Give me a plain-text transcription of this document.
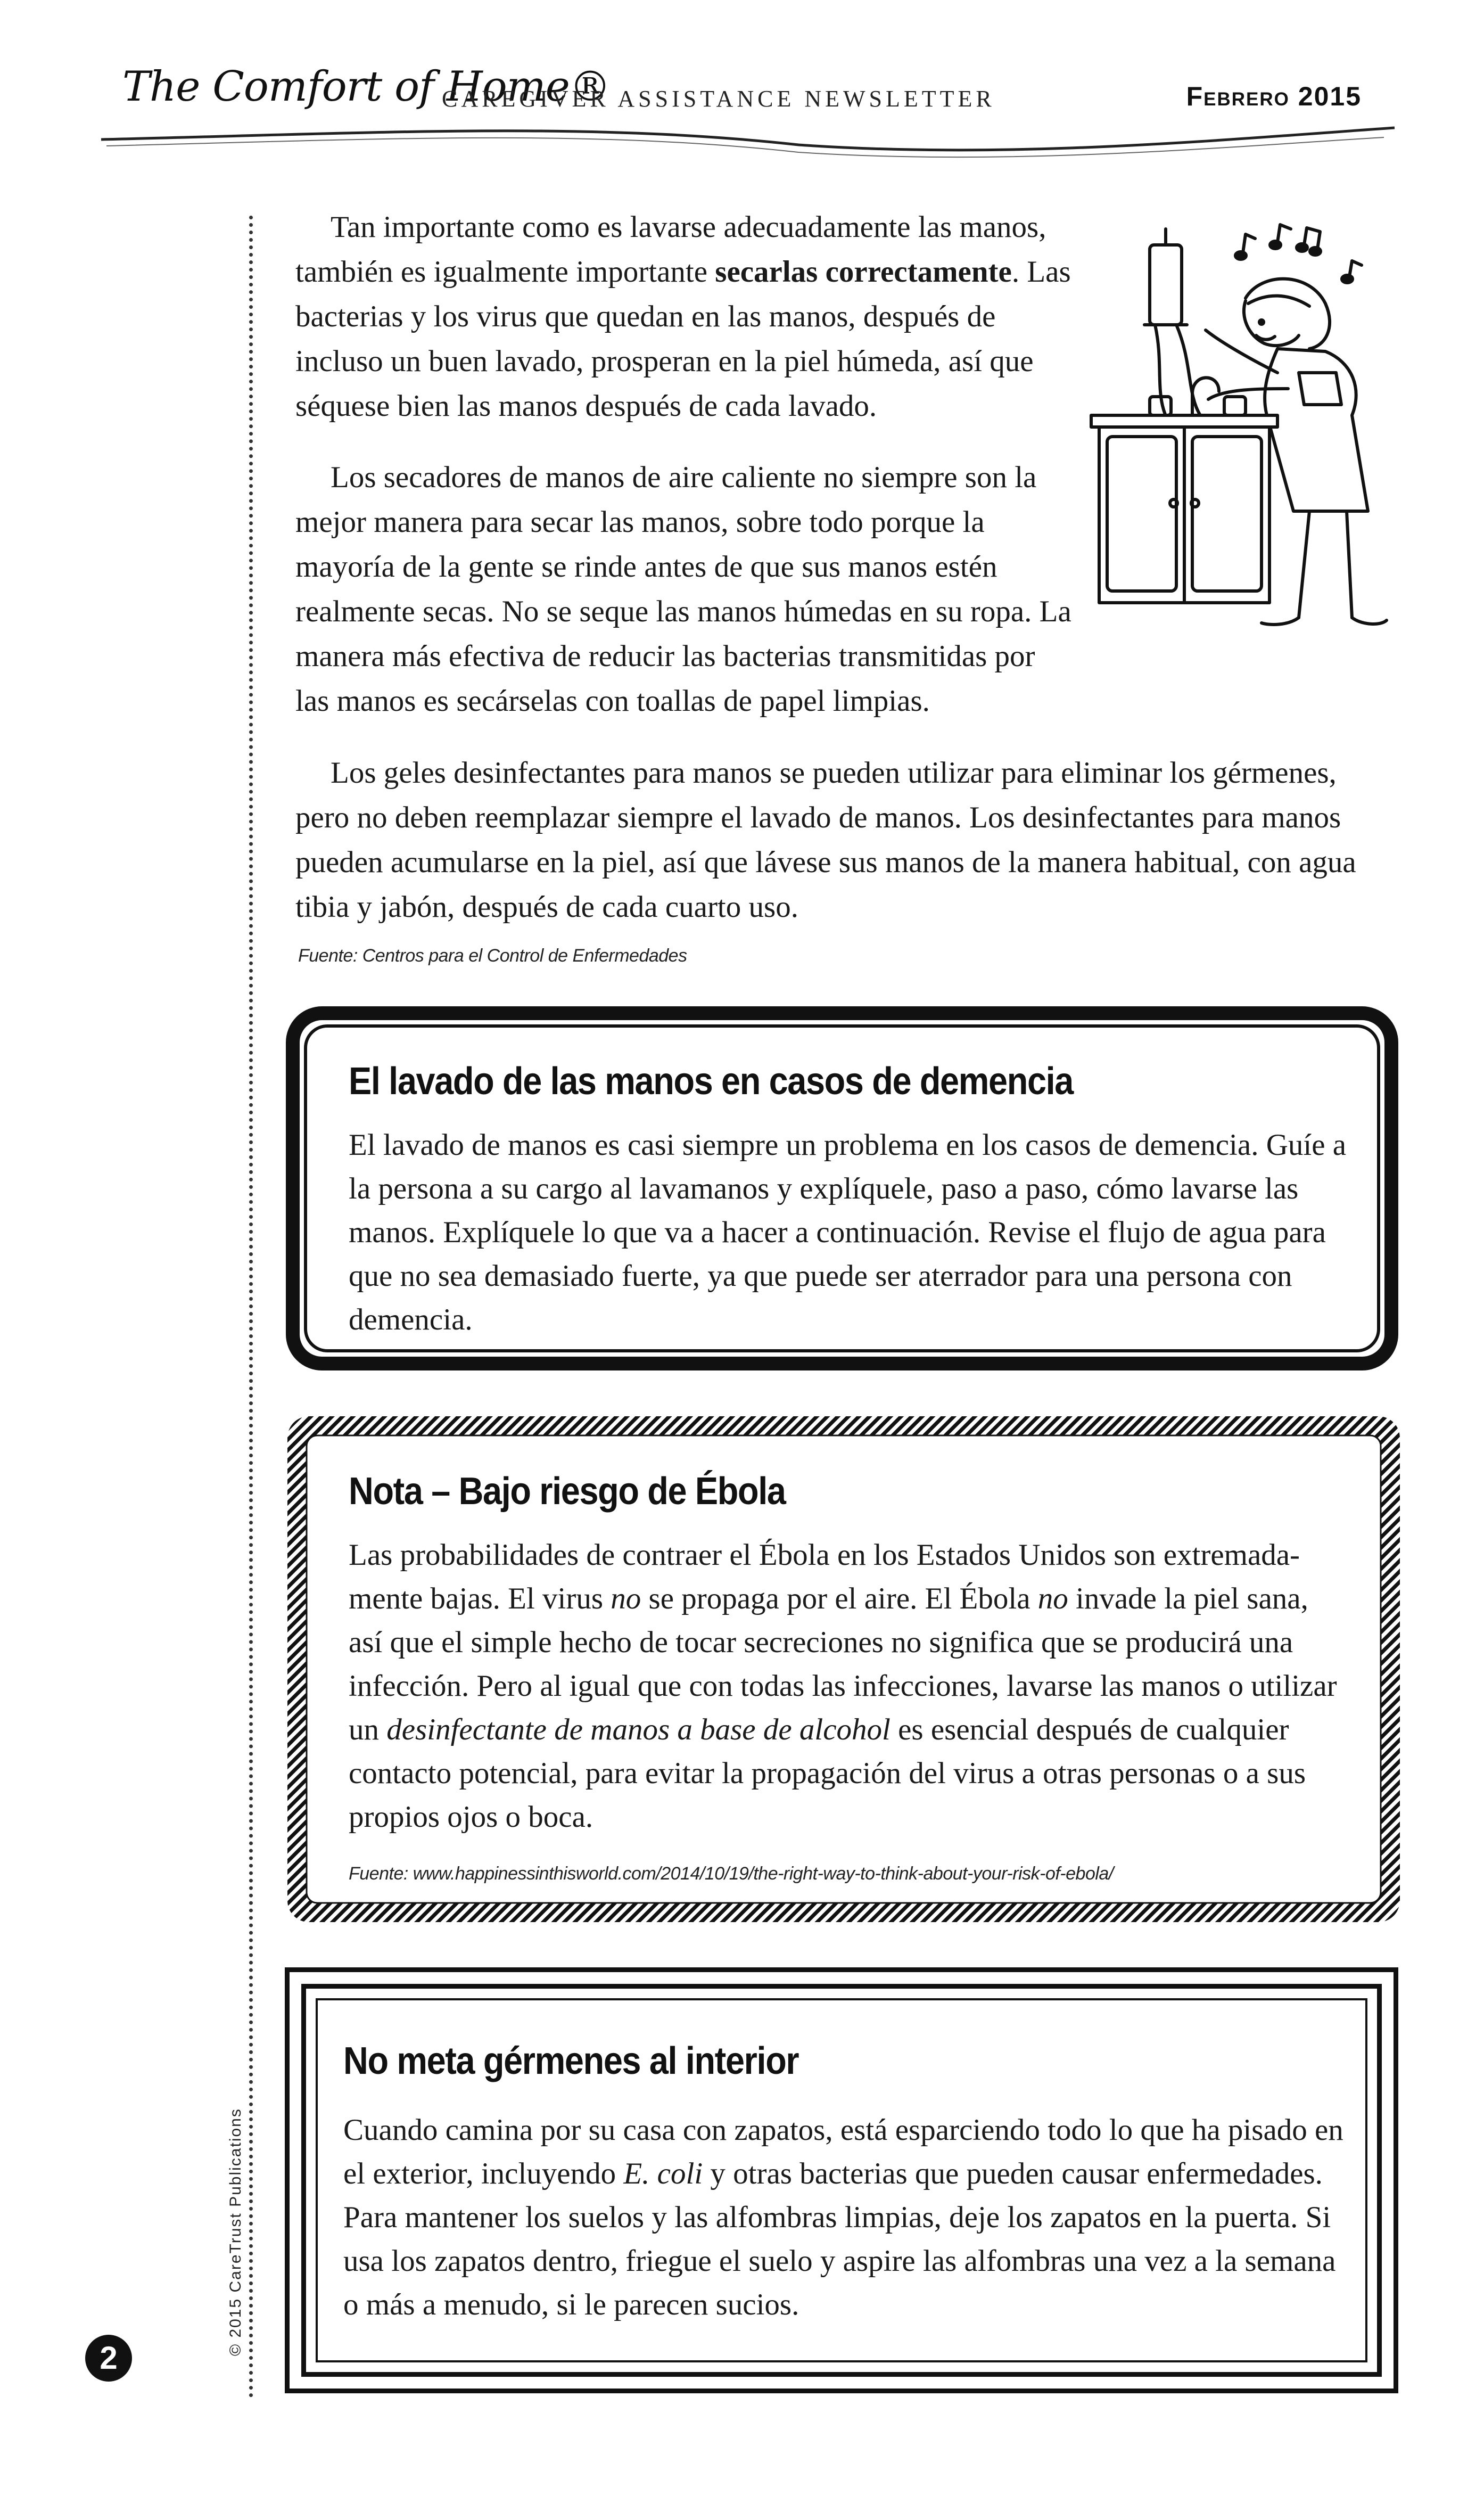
The Comfort of Home®
CAREGIVER ASSISTANCE NEWSLETTER	Febrero 2015
© 2015 CareTrust Publications
2

Tan importante como es lavarse adecuadamente las manos, también es igualmente importante secarlas correctamente. Las bacterias y los virus que quedan en las manos, después de incluso un buen lavado, prosperan en la piel húmeda, así que séquese bien las manos después de cada lavado.

Los secadores de manos de aire caliente no siempre son la mejor manera para secar las manos, sobre todo porque la mayoría de la gente se rinde antes de que sus manos estén realmente secas. No se seque las manos húmedas en su ropa. La manera más efectiva de reducir las bacterias transmitidas por las manos es secárselas con toallas de papel limpias.

Los geles desinfectantes para manos se pueden utilizar para eliminar los gérmenes, pero no deben reemplazar siempre el lavado de manos. Los desinfectantes para manos pueden acumularse en la piel, así que lávese sus manos de la manera habitual, con agua tibia y jabón, después de cada cuarto uso.

Fuente: Centros para el Control de Enfermedades
El lavado de las manos en casos de demencia

El lavado de manos es casi siempre un problema en los casos de demencia. Guíe a la persona a su cargo al lavamanos y explíquele, paso a paso, cómo lavarse las manos. Explíquele lo que va a hacer a continuación. Revise el flujo de agua para que no sea demasiado fuerte, ya que puede ser aterrador para una persona con demencia.

Nota – Bajo riesgo de Ébola

Las probabilidades de contraer el Ébola en los Estados Unidos son extremada-mente bajas. El virus no se propaga por el aire. El Ébola no invade la piel sana, así que el simple hecho de tocar secreciones no significa que se producirá una infección. Pero al igual que con todas las infecciones, lavarse las manos o utilizar un desinfectante de manos a base de alcohol es esencial después de cualquier contacto potencial, para evitar la propagación del virus a otras personas o a sus propios ojos o boca.

Fuente: www.happinessinthisworld.com/2014/10/19/the-right-way-to-think-about-your-risk-of-ebola/
No meta gérmenes al interior

Cuando camina por su casa con zapatos, está esparciendo todo lo que ha pisado en el exterior, incluyendo E. coli y otras bacterias que pueden causar enfermedades. Para mantener los suelos y las alfombras limpias, deje los zapatos en la puerta. Si usa los zapatos dentro, friegue el suelo y aspire las alfombras una vez a la semana o más a menudo, si le parecen sucios.
